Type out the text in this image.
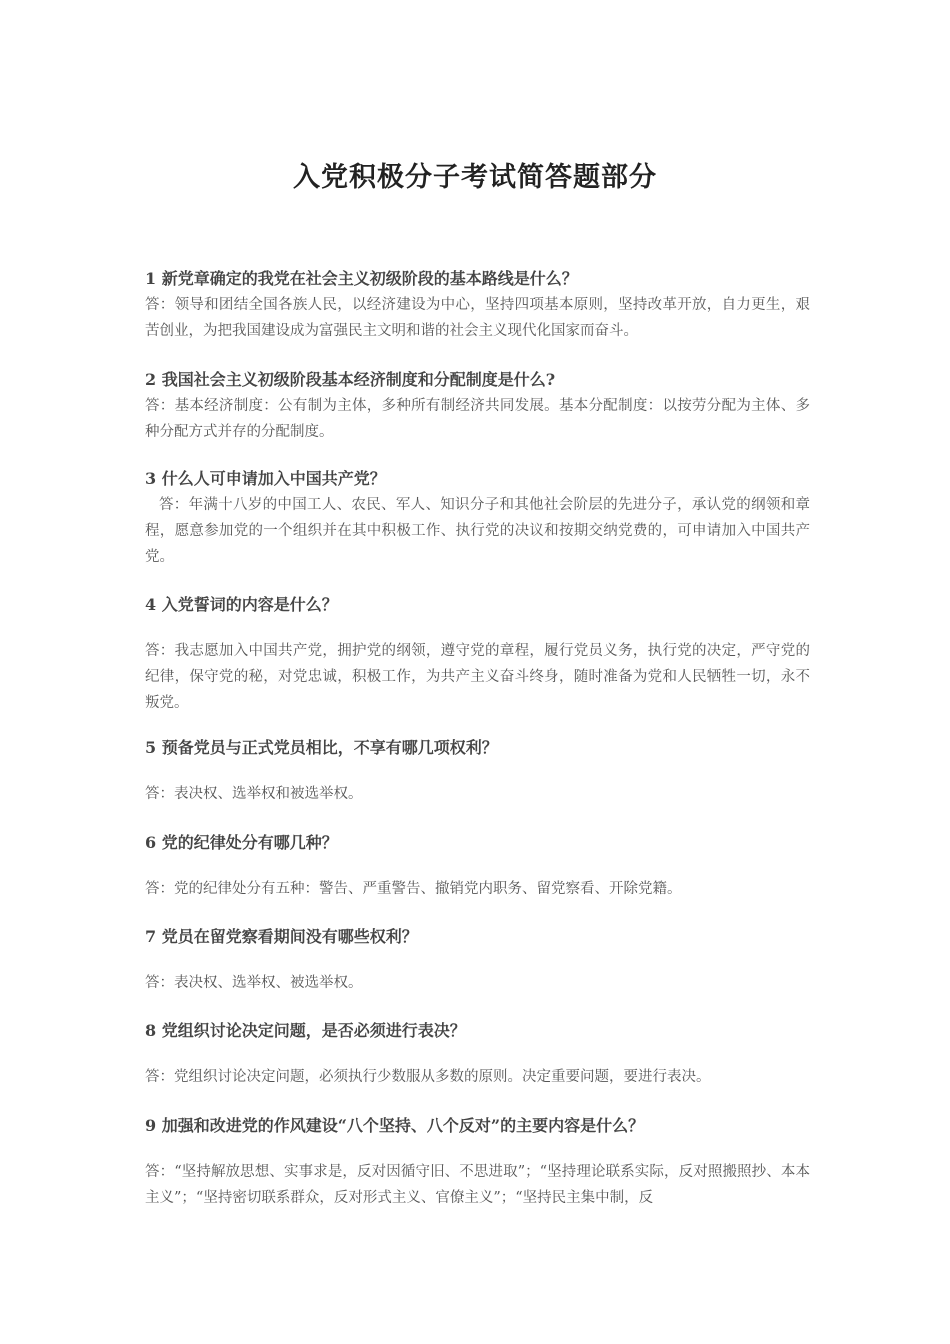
入党积极分子考试简答题部分
1 新党章确定的我党在社会主义初级阶段的基本路线是什么？
答：领导和团结全国各族人民，以经济建设为中心，坚持四项基本原则，坚持改革开放，自力更生，艰苦创业，为把我国建设成为富强民主文明和谐的社会主义现代化国家而奋斗。
2 我国社会主义初级阶段基本经济制度和分配制度是什么?
答：基本经济制度：公有制为主体，多种所有制经济共同发展。基本分配制度：以按劳分配为主体、多种分配方式并存的分配制度。
3 什么人可申请加入中国共产党？
答：年满十八岁的中国工人、农民、军人、知识分子和其他社会阶层的先进分子，承认党的纲领和章程，愿意参加党的一个组织并在其中积极工作、执行党的决议和按期交纳党费的，可申请加入中国共产党。
4 入党誓词的内容是什么？
答：我志愿加入中国共产党，拥护党的纲领，遵守党的章程，履行党员义务，执行党的决定，严守党的纪律，保守党的秘，对党忠诚，积极工作，为共产主义奋斗终身，随时准备为党和人民牺牲一切，永不叛党。
5 预备党员与正式党员相比，不享有哪几项权利？
答：表决权、选举权和被选举权。
6 党的纪律处分有哪几种？
答：党的纪律处分有五种：警告、严重警告、撤销党内职务、留党察看、开除党籍。
7 党员在留党察看期间没有哪些权利？
答：表决权、选举权、被选举权。
8 党组织讨论决定问题，是否必须进行表决？
答：党组织讨论决定问题，必须执行少数服从多数的原则。决定重要问题，要进行表决。
9 加强和改进党的作风建设“八个坚持、八个反对”的主要内容是什么？
答：“坚持解放思想、实事求是，反对因循守旧、不思进取”；“坚持理论联系实际，反对照搬照抄、本本主义”；“坚持密切联系群众，反对形式主义、官僚主义”；“坚持民主集中制，反
